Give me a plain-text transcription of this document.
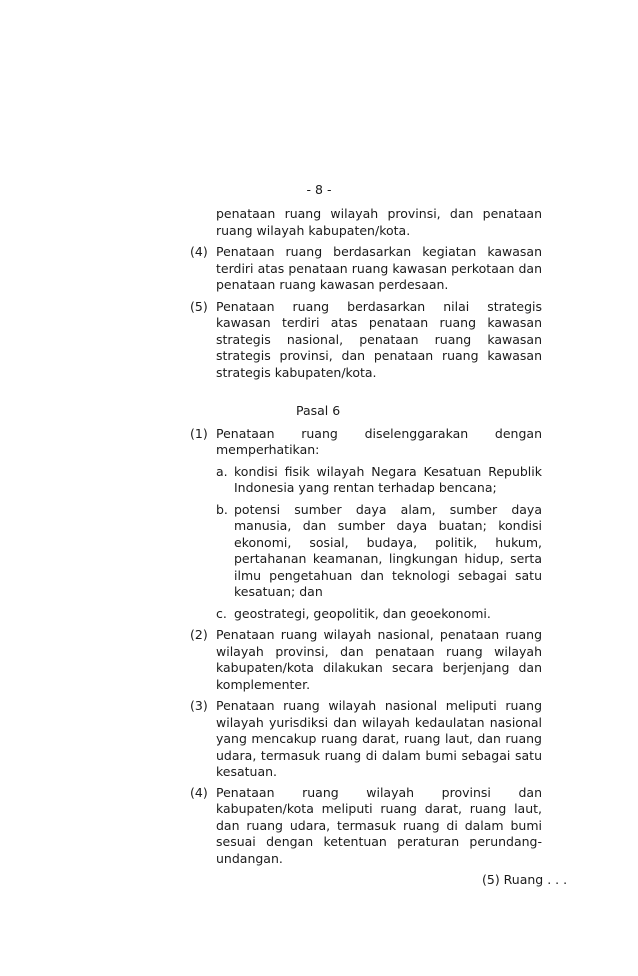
- 8 -
penataan ruang wilayah provinsi, dan penataan ruang wilayah kabupaten/kota.
(4) Penataan ruang berdasarkan kegiatan kawasan terdiri atas penataan ruang kawasan perkotaan dan penataan ruang kawasan perdesaan.
(5) Penataan ruang berdasarkan nilai strategis kawasan terdiri atas penataan ruang kawasan strategis nasional, penataan ruang kawasan strategis provinsi, dan penataan ruang kawasan strategis kabupaten/kota.
Pasal 6
(1) Penataan ruang diselenggarakan dengan memperhatikan:
a. kondisi fisik wilayah Negara Kesatuan Republik Indonesia yang rentan terhadap bencana;
b. potensi sumber daya alam, sumber daya manusia, dan sumber daya buatan; kondisi ekonomi, sosial, budaya, politik, hukum, pertahanan keamanan, lingkungan hidup, serta ilmu pengetahuan dan teknologi sebagai satu kesatuan; dan
c. geostrategi, geopolitik, dan geoekonomi.
(2) Penataan ruang wilayah nasional, penataan ruang wilayah provinsi, dan penataan ruang wilayah kabupaten/kota dilakukan secara berjenjang dan komplementer.
(3) Penataan ruang wilayah nasional meliputi ruang wilayah yurisdiksi dan wilayah kedaulatan nasional yang mencakup ruang darat, ruang laut, dan ruang udara, termasuk ruang di dalam bumi sebagai satu kesatuan.
(4) Penataan ruang wilayah provinsi dan kabupaten/kota meliputi ruang darat, ruang laut, dan ruang udara, termasuk ruang di dalam bumi sesuai dengan ketentuan peraturan perundang-undangan.
(5) Ruang . . .
